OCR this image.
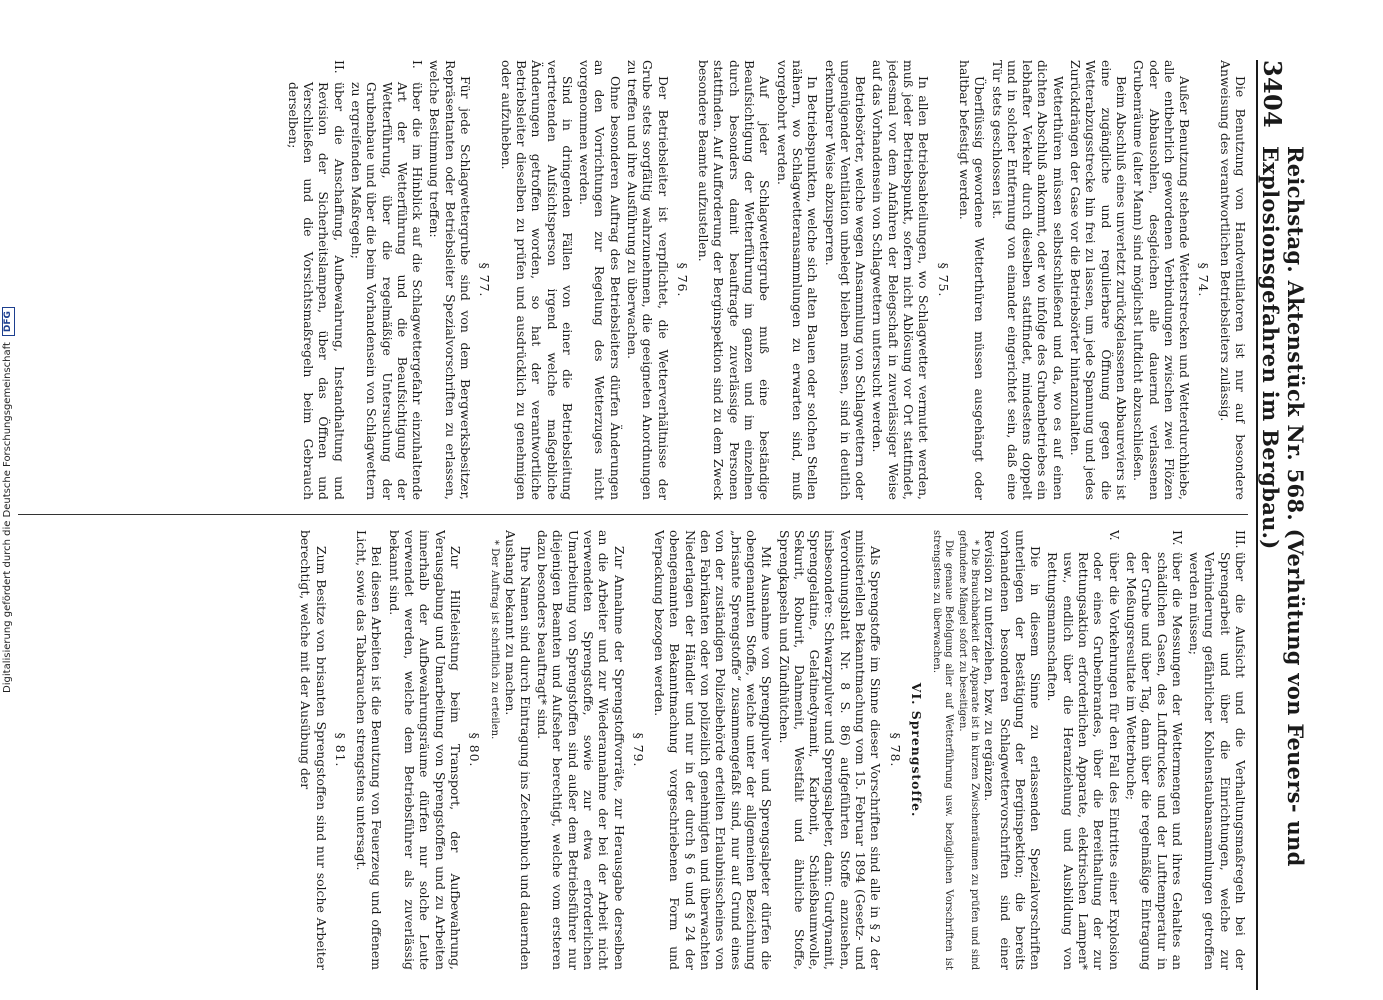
3404
Reichstag. Aktenstück Nr. 568. (Verhütung von Feuers- und Explosionsgefahren im Bergbau.)

Die Benutzung von Handventilatoren ist nur auf besondere Anweisung des verantwortlichen Betriebsleiters zulässig.

§ 74.

Außer Benutzung stehende Wetterstrecken und Wetterdurchhiebe, alle entbehrlich gewordenen Verbindungen zwischen zwei Flözen oder Abbausohlen, desgleichen alle dauernd verlassenen Grubenräume (alter Mann) sind möglichst luftdicht abzuschließen.

Beim Abschluß eines unverletzt zurückgelassenen Abbaureviers ist eine zugängliche und regulierbare Öffnung gegen die Wetterabzugsstrecke hin frei zu lassen, um jede Spannung und jedes Zurückdrängen der Gase vor die Betriebsörter hintanzuhalten.

Wetterthüren müssen selbstschließend und da, wo es auf einen dichten Abschluß ankommt, oder wo infolge des Grubenbetriebes ein lebhafter Verkehr durch dieselben stattfindet, mindestens doppelt und in solcher Entfernung von einander eingerichtet sein, daß eine Tür stets geschlossen ist.

Überflüssig gewordene Wetterthüren müssen ausgehängt oder haltbar befestigt werden.

§ 75.

In allen Betriebsabteilungen, wo Schlagwetter vermutet werden, muß jeder Betriebspunkt, sofern nicht Ablösung vor Ort stattfindet, jedesmal vor dem Anfahren der Belegschaft in zuverlässiger Weise auf das Vorhandensein von Schlagwettern untersucht werden.

Betriebsörter, welche wegen Ansammlung von Schlagwettern oder ungenügender Ventilation unbelegt bleiben müssen, sind in deutlich erkennbarer Weise abzusperren.

In Betriebspunkten, welche sich alten Bauen oder solchen Stellen nähern, wo Schlagwetteransammlungen zu erwarten sind, muß vorgebohrt werden.

Auf jeder Schlagwettergrube muß eine beständige Beaufsichtigung der Wetterführung im ganzen und im einzelnen durch besonders damit beauftragte zuverlässige Personen stattfinden. Auf Aufforderung der Berginspektion sind zu dem Zweck besondere Beamte aufzustellen.

§ 76.

Der Betriebsleiter ist verpflichtet, die Wetterverhältnisse der Grube stets sorgfältig wahrzunehmen, die geeigneten Anordnungen zu treffen und ihre Ausführung zu überwachen.

Ohne besonderen Auftrag des Betriebsleiters dürfen Änderungen an den Vorrichtungen zur Regelung des Wetterzuges nicht vorgenommen werden.

Sind in dringenden Fällen von einer die Betriebsleitung vertretenden Aufsichtsperson irgend welche maßgebliche Änderungen getroffen worden, so hat der verantwortliche Betriebsleiter dieselben zu prüfen und ausdrücklich zu genehmigen oder aufzuheben.

§ 77.

Für jede Schlagwettergrube sind von dem Bergwerksbesitzer, Repräsentanten oder Betriebsleiter Spezialvorschriften zu erlassen, welche Bestimmung treffen:

I.
über die im Hinblick auf die Schlagwettergefahr einzuhaltende Art der Wetterführung und die Beaufsichtigung der Wetterführung, über die regelmäßige Untersuchung der Grubenbaue und über die beim Vorhandensein von Schlagwettern zu ergreifenden Maßregeln;

II.
über die Anschaffung, Aufbewahrung, Instandhaltung und Revision der Sicherheitslampen, über das Öffnen und Verschließen und die Vorsichtsmaßregeln beim Gebrauch derselben;

III.
über die Aufsicht und die Verhaltungsmaßregeln bei der Sprengarbeit und über die Einrichtungen, welche zur Verhinderung gefährlicher Kohlenstaubansammlungen getroffen werden müssen;

IV.
über die Messungen der Wettermengen und ihres Gehaltes an schädlichen Gasen, des Luftdruckes und der Lufttemperatur in der Grube und über Tag, dann über die regelmäßige Eintragung der Meßungsresultate im Wetterbuche;

V.
über die Vorkehrungen für den Fall des Eintrittes einer Explosion oder eines Grubenbrandes, über die Bereithaltung der zur Rettungsaktion erforderlichen Apparate, elektrischen Lampen* usw., endlich über die Heranziehung und Ausbildung von Rettungsmannschaften.

Die in diesem Sinne zu erlassenden Spezialvorschriften unterliegen der Bestätigung der Berginspektion; die bereits vorhandenen besonderen Schlagwettervorschriften sind einer Revision zu unterziehen, bzw. zu ergänzen.

* Die Brauchbarkeit der Apparate ist in kurzen Zwischenräumen zu prüfen und sind gefundene Mängel sofort zu beseitigen.

Die genaue Befolgung aller auf Wetterführung usw. bezüglichen Vorschriften ist strengstens zu überwachen.

VI. Sprengstoffe.
§ 78.

Als Sprengstoffe im Sinne dieser Vorschriften sind alle in § 2 der ministeriellen Bekanntmachung vom 15. Februar 1894 (Gesetz- und Verordnungsblatt Nr. 8 S. 86) aufgeführten Stoffe anzusehen, insbesondere: Schwarzpulver und Sprengsalpeter, dann: Gurdynamit, Sprenggelatine, Gelatinedynamit, Karbonit, Schießbaumwolle, Sekurit, Roburit, Dahmenit, Westfalit und ähnliche Stoffe, Sprengkapseln und Zündhütchen.

Mit Ausnahme von Sprengpulver und Sprengsalpeter dürfen die obengenannten Stoffe, welche unter der allgemeinen Bezeichnung „brisante Sprengstoffe“ zusammengefaßt sind, nur auf Grund eines von der zuständigen Polizeibehörde erteilten Erlaubnisscheines von den Fabrikanten oder von polizeilich genehmigten und überwachten Niederlagen der Händler und nur in der durch § 6 und § 24 der obengenannten Bekanntmachung vorgeschriebenen Form und Verpackung bezogen werden.

§ 79.

Zur Annahme der Sprengstoffvorräte, zur Herausgabe derselben an die Arbeiter und zur Wiederannahme der bei der Arbeit nicht verwendeten Sprengstoffe, sowie zur etwa erforderlichen Umarbeitung von Sprengstoffen sind außer dem Betriebsführer nur diejenigen Beamten und Aufseher berechtigt, welche vom ersteren dazu besonders beauftragt* sind.

Ihre Namen sind durch Eintragung ins Zechenbuch und dauernden Aushang bekannt zu machen.

* Der Auftrag ist schriftlich zu erteilen.

§ 80.

Zur Hilfeleistung beim Transport, der Aufbewahrung, Verausgabung und Umarbeitung von Sprengstoffen und zu Arbeiten innerhalb der Aufbewahrungsräume dürfen nur solche Leute verwendet werden, welche dem Betriebsführer als zuverlässig bekannt sind.

Bei diesen Arbeiten ist die Benutzung von Feuerzeug und offenem Licht, sowie das Tabakrauchen strengstens untersagt.

§ 81.

Zum Besitze von brisanten Sprengstoffen sind nur solche Arbeiter berechtigt, welche mit der Ausübung der

Digitalisierung gefördert durch die Deutsche Forschungsgemeinschaft
DFG
